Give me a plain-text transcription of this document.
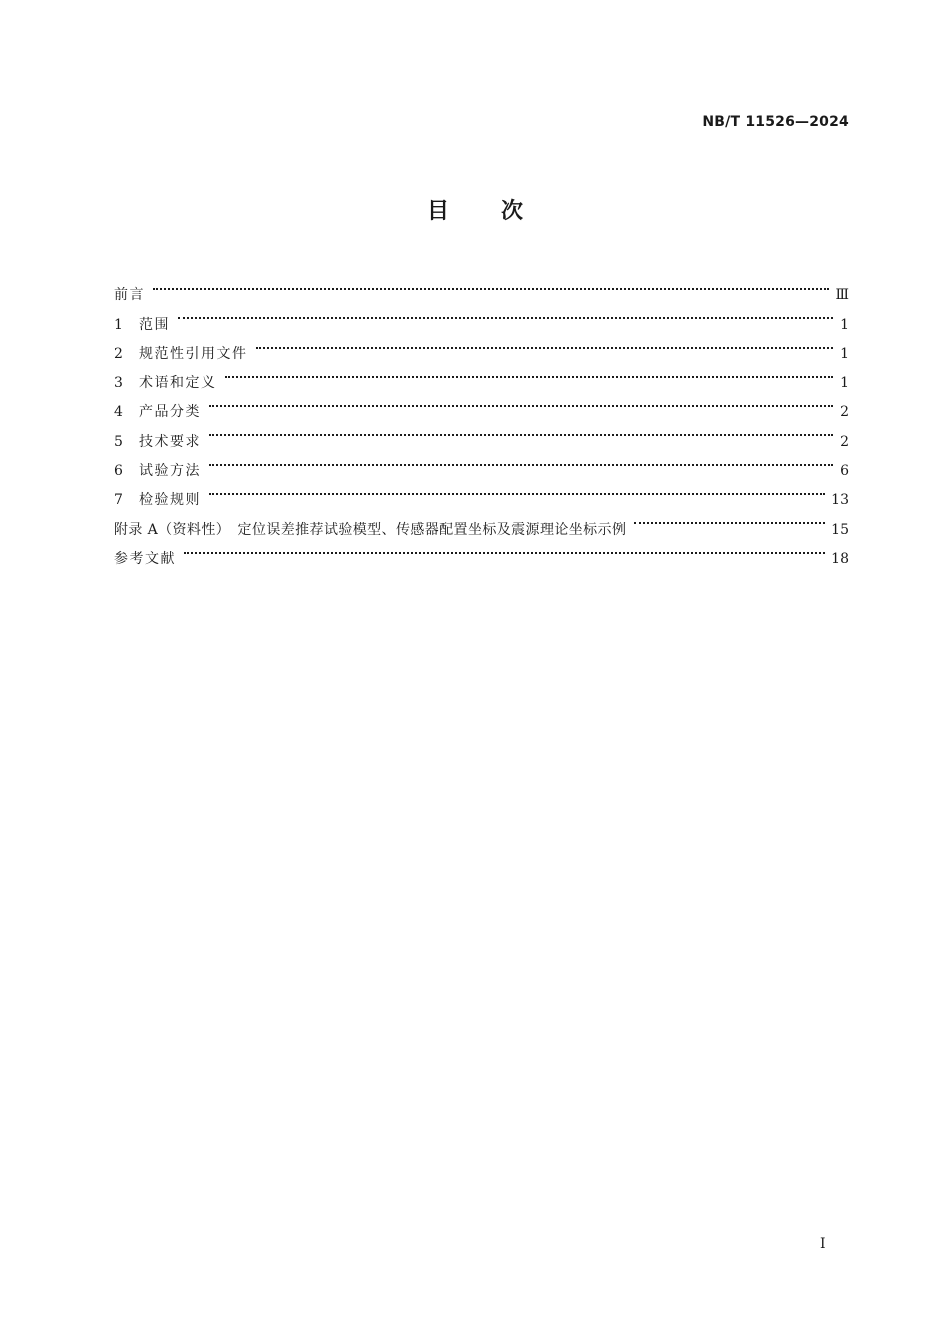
NB/T 11526—2024
目次
前言	Ⅲ
1	范围	1
2	规范性引用文件	1
3	术语和定义	1
4	产品分类	2
5	技术要求	2
6	试验方法	6
7	检验规则	13
附录 A（资料性）　定位误差推荐试验模型、传感器配置坐标及震源理论坐标示例	15
参考文献	18
I
